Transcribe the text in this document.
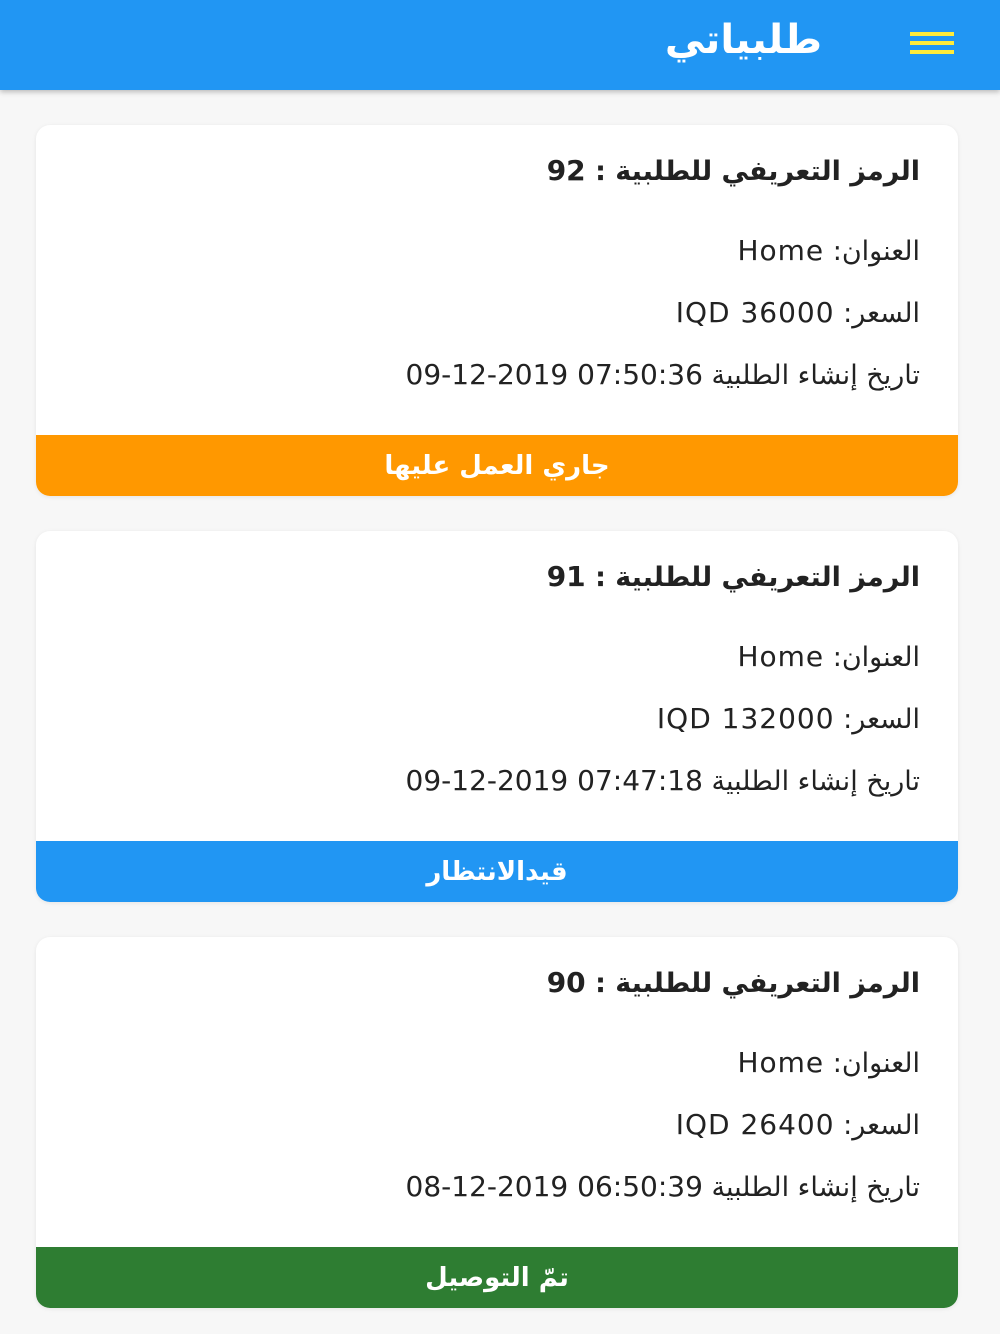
طلبياتي
الرمز التعريفي للطلبية : 92
العنوان: Home
السعر: IQD 36000
تاريخ إنشاء الطلبية 09-12-2019 07:50:36
جاري العمل عليها
الرمز التعريفي للطلبية : 91
العنوان: Home
السعر: IQD 132000
تاريخ إنشاء الطلبية 09-12-2019 07:47:18
قيدالانتظار
الرمز التعريفي للطلبية : 90
العنوان: Home
السعر: IQD 26400
تاريخ إنشاء الطلبية 08-12-2019 06:50:39
تمّ التوصيل
